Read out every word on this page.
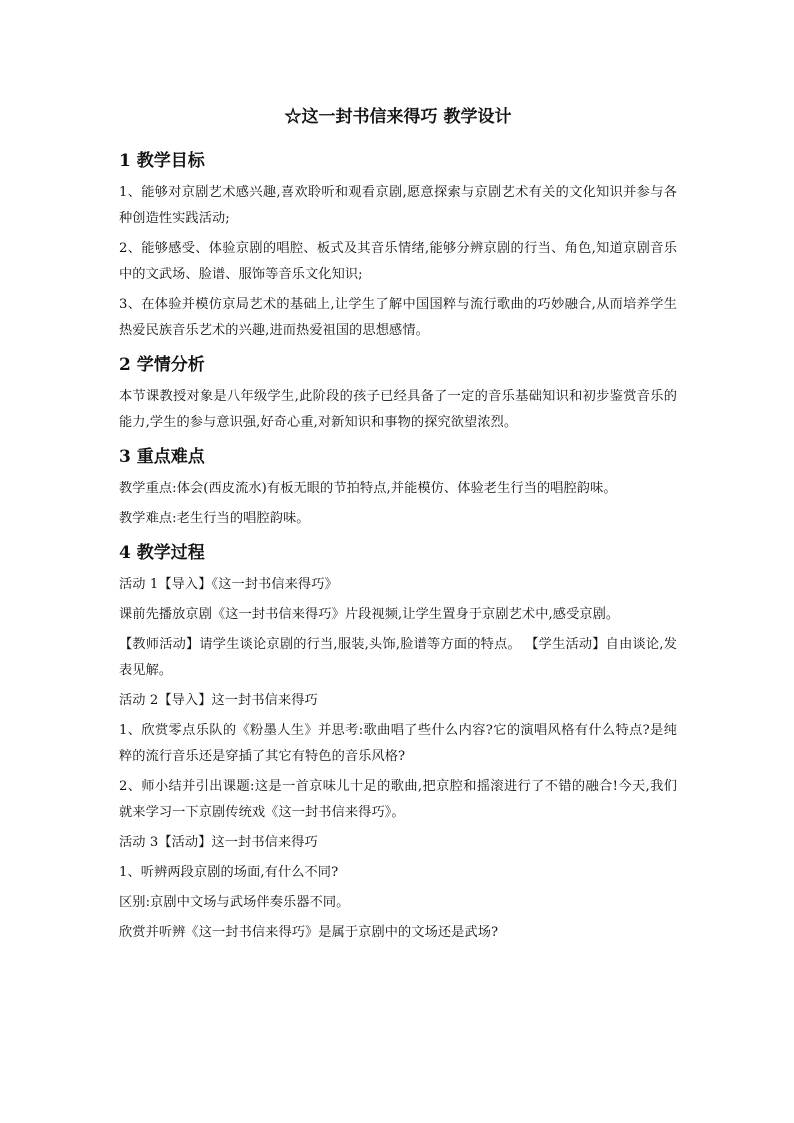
☆这一封书信来得巧 教学设计
1 教学目标

1、能够对京剧艺术感兴趣,喜欢聆听和观看京剧,愿意探索与京剧艺术有关的文化知识并参与各种创造性实践活动;

2、能够感受、体验京剧的唱腔、板式及其音乐情绪,能够分辨京剧的行当、角色,知道京剧音乐中的文武场、脸谱、服饰等音乐文化知识;

3、在体验并模仿京局艺术的基础上,让学生了解中国国粹与流行歌曲的巧妙融合,从而培养学生热爱民族音乐艺术的兴趣,进而热爱祖国的思想感情。

2 学情分析

本节课教授对象是八年级学生,此阶段的孩子已经具备了一定的音乐基础知识和初步鉴赏音乐的能力,学生的参与意识强,好奇心重,对新知识和事物的探究欲望浓烈。

3 重点难点

教学重点:体会(西皮流水)有板无眼的节拍特点,并能模仿、体验老生行当的唱腔韵味。

教学难点:老生行当的唱腔韵味。

4 教学过程

活动 1【导入】《这一封书信来得巧》

课前先播放京剧《这一封书信来得巧》片段视频,让学生置身于京剧艺术中,感受京剧。

【教师活动】请学生谈论京剧的行当,服装,头饰,脸谱等方面的特点。 【学生活动】自由谈论,发表见解。

活动 2【导入】这一封书信来得巧

1、欣赏零点乐队的《粉墨人生》并思考:歌曲唱了些什么内容?它的演唱风格有什么特点?是纯粹的流行音乐还是穿插了其它有特色的音乐风格?

2、师小结并引出课题:这是一首京味儿十足的歌曲,把京腔和摇滚进行了不错的融合!今天,我们就来学习一下京剧传统戏《这一封书信来得巧》。

活动 3【活动】这一封书信来得巧

1、听辨两段京剧的场面,有什么不同?

区别:京剧中文场与武场伴奏乐器不同。

欣赏并听辨《这一封书信来得巧》是属于京剧中的文场还是武场?
